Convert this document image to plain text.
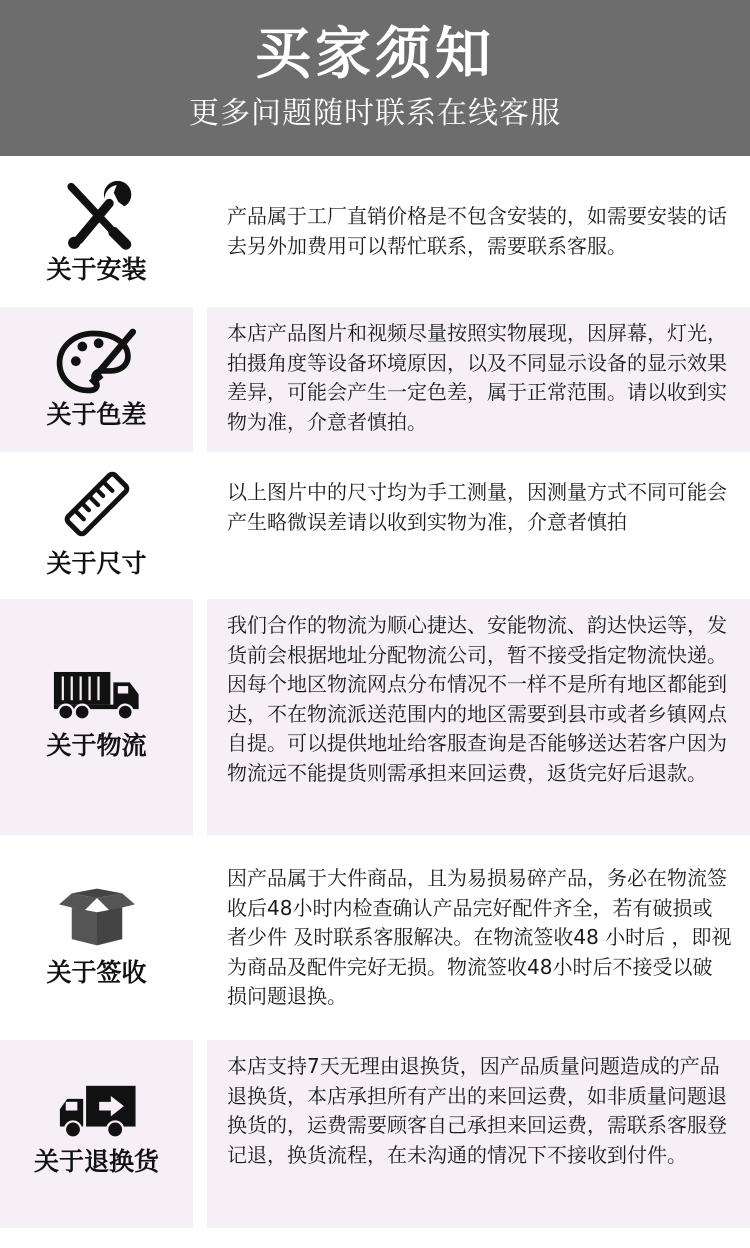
买家须知
更多问题随时联系在线客服
关于安装
产品属于工厂直销价格是不包含安装的，如需要安装的话去另外加费用可以帮忙联系，需要联系客服。
关于色差
本店产品图片和视频尽量按照实物展现，因屏幕，灯光，拍摄角度等设备环境原因，以及不同显示设备的显示效果差异，可能会产生一定色差，属于正常范围。请以收到实物为准，介意者慎拍。
关于尺寸
以上图片中的尺寸均为手工测量，因测量方式不同可能会产生略微误差请以收到实物为准，介意者慎拍
关于物流
我们合作的物流为顺心捷达、安能物流、韵达快运等，发货前会根据地址分配物流公司，暂不接受指定物流快递。因每个地区物流网点分布情况不一样不是所有地区都能到达，不在物流派送范围内的地区需要到县市或者乡镇网点自提。可以提供地址给客服查询是否能够送达若客户因为物流远不能提货则需承担来回运费，返货完好后退款。
关于签收
因产品属于大件商品，且为易损易碎产品，务必在物流签收后48小时内检查确认产品完好配件齐全，若有破损或者少件 及时联系客服解决。在物流签收48 小时后 ，即视为商品及配件完好无损。物流签收48小时后不接受以破损问题退换。
关于退换货
本店支持7天无理由退换货，因产品质量问题造成的产品退换货，本店承担所有产出的来回运费，如非质量问题退换货的，运费需要顾客自己承担来回运费，需联系客服登记退，换货流程，在未沟通的情况下不接收到付件。
